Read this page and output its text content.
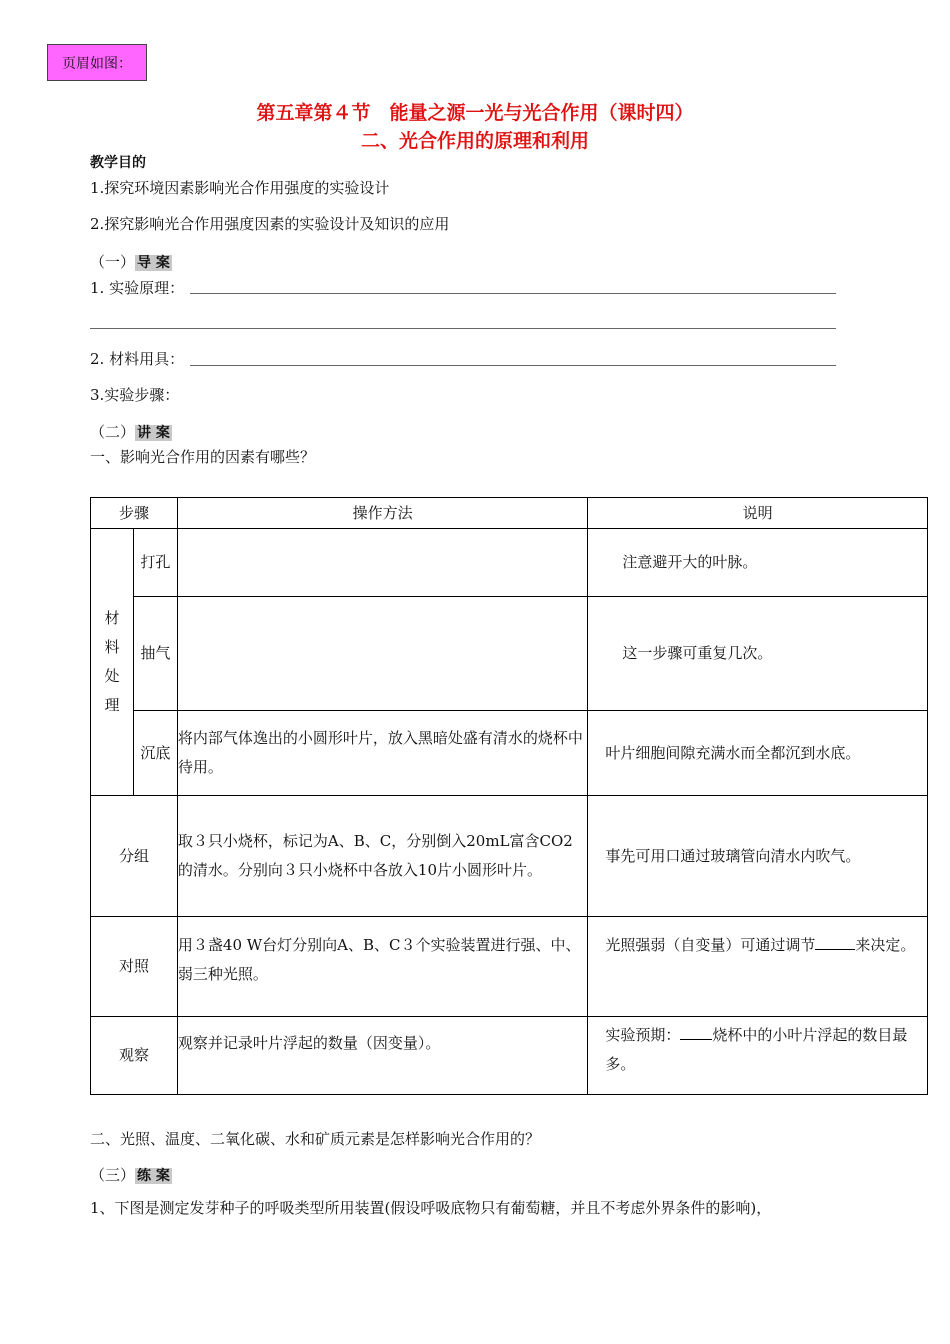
页眉如图：
第五章第４节　能量之源一光与光合作用（课时四）
二、光合作用的原理和利用
教学目的
1.探究环境因素影响光合作用强度的实验设计
2.探究影响光合作用强度因素的实验设计及知识的应用
（一） 导 案
1. 实验原理：
2. 材料用具：
3.实验步骤：
（二） 讲 案
一、影响光合作用的因素有哪些？
步骤		操作方法	说明

材
料
处
理	打孔		注意避开大的叶脉。
	抽气		这一步骤可重复几次。
	沉底	将内部气体逸出的小圆形叶片，放入黑暗处盛有清水的烧杯中待用。	叶片细胞间隙充满水而全都沉到水底。
分组		取３只小烧杯，标记为A、B、C，分别倒入20mL富含CO2的清水。分别向３只小烧杯中各放入10片小圆形叶片。	事先可用口通过玻璃管向清水内吹气。
对照		用３盏40 W台灯分别向A、B、C３个实验装置进行强、中、弱三种光照。	光照强弱（自变量）可通过调节 来决定。
观察		观察并记录叶片浮起的数量（因变量）。	实验预期： 烧杯中的小叶片浮起的数目最多。
二、光照、温度、二氧化碳、水和矿质元素是怎样影响光合作用的？
（三） 练 案
1、下图是测定发芽种子的呼吸类型所用装置(假设呼吸底物只有葡萄糖，并且不考虑外界条件的影响)，
